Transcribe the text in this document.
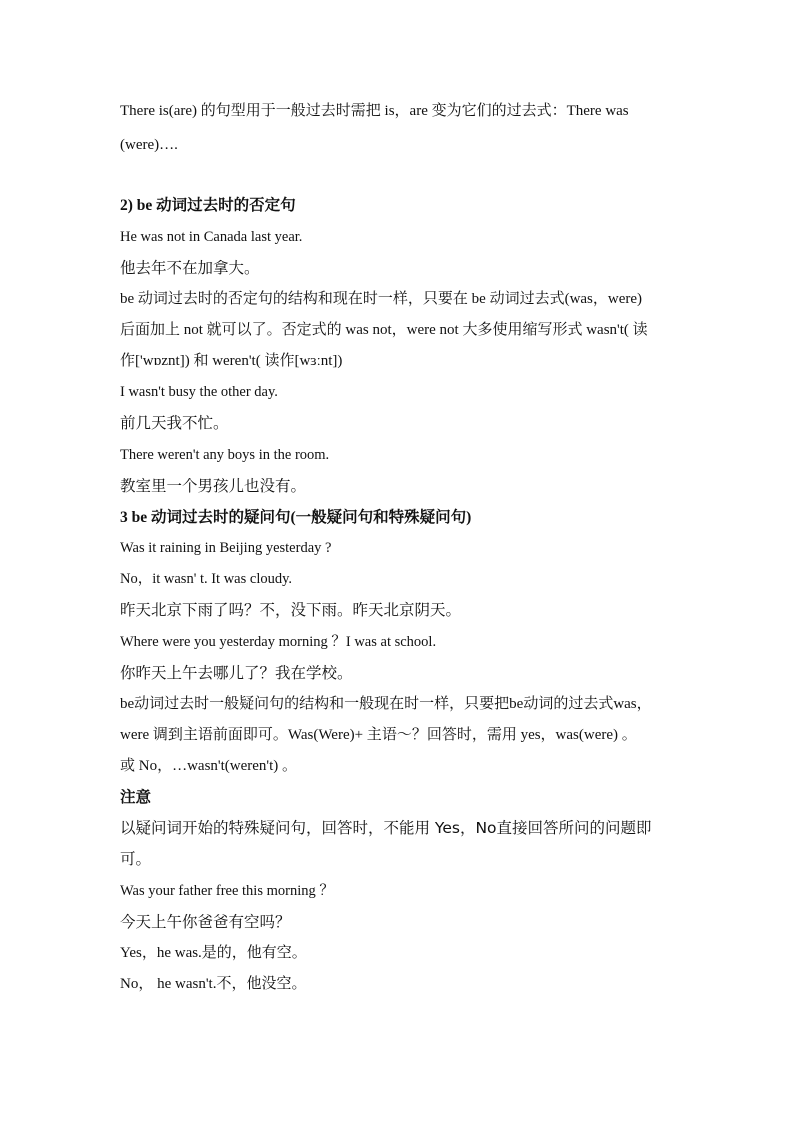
There is(are) 的句型用于一般过去时需把 is，are 变为它们的过去式：There was
(were)….
2) be 动词过去时的否定句
He was not in Canada last year.
他去年不在加拿大。
be 动词过去时的否定句的结构和现在时一样，只要在 be 动词过去式(was，were)
后面加上 not 就可以了。否定式的 was not，were not 大多使用缩写形式 wasn't( 读
作['wɒznt]) 和 weren't( 读作[wɜːnt])
I wasn't busy the other day.
前几天我不忙。
There weren't any boys in the room.
教室里一个男孩儿也没有。
3 be 动词过去时的疑问句(一般疑问句和特殊疑问句)
Was it raining in Beijing yesterday ?
No，it wasn' t. It was cloudy.
昨天北京下雨了吗？不，没下雨。昨天北京阴天。
Where were you yesterday morning ？I was at school.
你昨天上午去哪儿了？我在学校。
be动词过去时一般疑问句的结构和一般现在时一样，只要把be动词的过去式was，
were 调到主语前面即可。Was(Were)+ 主语～？回答时，需用 yes，was(were) 。
或 No，…wasn't(weren't) 。
注意
以疑问词开始的特殊疑问句，回答时，不能用 Yes，No直接回答所问的问题即
可。
Was your father free this morning ？
今天上午你爸爸有空吗？
Yes，he was.是的，他有空。
No， he wasn't.不，他没空。
